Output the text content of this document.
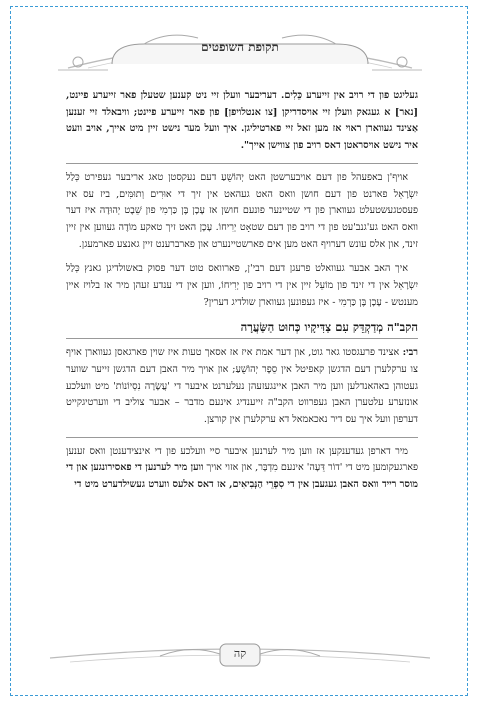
תקופת השופטים

געליגט פון די רויב אין זייערע כֵּלִים. דעריבער וועלן זיי ניט קענען שטעלן פאר זייערע פיינט, [נאר] א געגאק וועלן זיי אויסדריקן [צו אנטלויפן] פון פאר זייערע פיינט; וויבאלד זיי זענען אַצינד געווארן ראוי אז מען זאל זיי פארטיליגן. איך וועל מער נישט זיין מיט אייך, אויב וועט איר נישט אויסראטן דאס רויב פון צווישן אייך".

אויף'ן באפעהל פון דעם אויבערשטן האט יְהוֹשֻׁעַ דעם נעקסטן טאג אריבער געפירט כְּלַל יִשְׂרָאֵל פארנט פון דעם חושן וואס האט געהאט אין זיך די אוּרִים וְתוּמִּים, ביז עס איז פעסטגעשטעלט געווארן פון די שטיינער פונעם חושן אז עָכָן בֶּן כַּרְמִי פון שֵׁבֶט יְהוּדָה איז דער וואס האט גע'גנב'עט פון די רויב פון דעם שטאָט יְרִיחוֹ. עָכָן האט זיך טאקע מוֹדֶה געווען אין זיין זינד, און אלס עונש דערויף האט מען אים פארשטיינערט און פארברענט זיין גאנצע פארמעגן.

איך האב אבער געוואלט פרעגן דעם רבי'ן, פארוואס טוט דער פסוק באשולדיגן גאנץ כְּלַל יִשְׂרָאֵל אין די זינד פון מוֹעֵל זיין אין די רויב פון יְרִיחוֹ, ווען אין די ענדע זעהן מיר אז בלויז איין מענטש - עָכָן בֶּן כַּרְמִי - איז געפונען געווארן שולדיג דערין?

הקב"ה מְדַקְדֵּק עִם צַדִּיקָיו כְּחוּט הַשַּׂעֲרָה

רבי: אצינד פרעגסטו גאר גוט, און דער אמת איז אז אסאך טעות איז שוין פארגאסן געווארן אויף צו ערקלערן דעם הדגשן קאפיטל אין סֵפֶר יְהוֹשֻׁעַ; און אויך מיר האבן דעם הדגשן זייער שווער געטוהן באהאנדלען ווען מיר האבן איינגעזעהן נעלערנט איבער די 'עֲשָׂרָה נִסְיוֹנוֹת' מיט וועלכע אונזערע עלטערן האבן געפרווט הקב"ה זייענדיג אינעם מדבר – אבער צוליב די ווערטיגקייט דערפון וועל איך עס דיר נאכאמאל דא ערקלערן אין קורצן.

מיר דארפן געדענקען אז ווען מיר לערנען איבער סיי וועלכע פון די אינצידענטן וואס זענען פארגעקומען מיט די 'דוֹר דֵּעָה' אינעם מִדְבָּר, און אזוי אויך ווען מיר לערנען די פאסירונגען און די מוסר רייד וואס האבן געגעבן אין די סִפְרֵי הַנְּבִיאִים, אז דאס אלעס ווערט געשילדערט מיט די

קה
